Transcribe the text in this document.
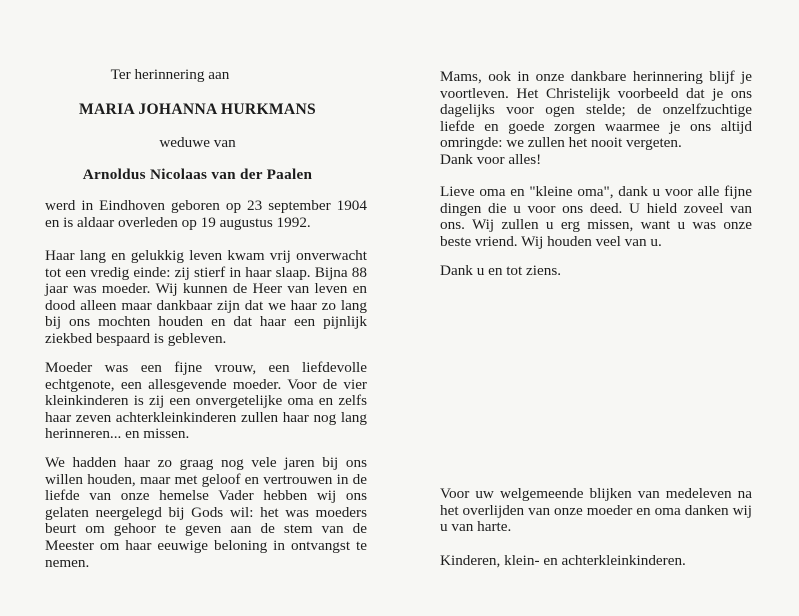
Ter herinnering aan

MARIA JOHANNA HURKMANS

weduwe van

Arnoldus Nicolaas van der Paalen

werd in Eindhoven geboren op 23 september 1904 en is aldaar overleden op 19 augustus 1992.

Haar lang en gelukkig leven kwam vrij onverwacht tot een vredig einde: zij stierf in haar slaap. Bijna 88 jaar was moeder. Wij kunnen de Heer van leven en dood alleen maar dankbaar zijn dat we haar zo lang bij ons mochten houden en dat haar een pijnlijk ziekbed bespaard is gebleven.

Moeder was een fijne vrouw, een liefdevolle echtgenote, een allesgevende moeder. Voor de vier kleinkinderen is zij een onvergetelijke oma en zelfs haar zeven achterkleinkinderen zullen haar nog lang herinneren... en missen.

We hadden haar zo graag nog vele jaren bij ons willen houden, maar met geloof en vertrouwen in de liefde van onze hemelse Vader hebben wij ons gelaten neergelegd bij Gods wil: het was moeders beurt om gehoor te geven aan de stem van de Meester om haar eeuwige beloning in ontvangst te nemen.

Mams, ook in onze dankbare herinnering blijf je voortleven. Het Christelijk voorbeeld dat je ons dagelijks voor ogen stelde; de onzelfzuchtige liefde en goede zorgen waarmee je ons altijd omringde: we zullen het nooit vergeten.

Dank voor alles!

Lieve oma en "kleine oma", dank u voor alle fijne dingen die u voor ons deed. U hield zoveel van ons. Wij zullen u erg missen, want u was onze beste vriend. Wij houden veel van u.

Dank u en tot ziens.

Voor uw welgemeende blijken van medeleven na het overlijden van onze moeder en oma danken wij u van harte.

Kinderen, klein- en achterkleinkinderen.
